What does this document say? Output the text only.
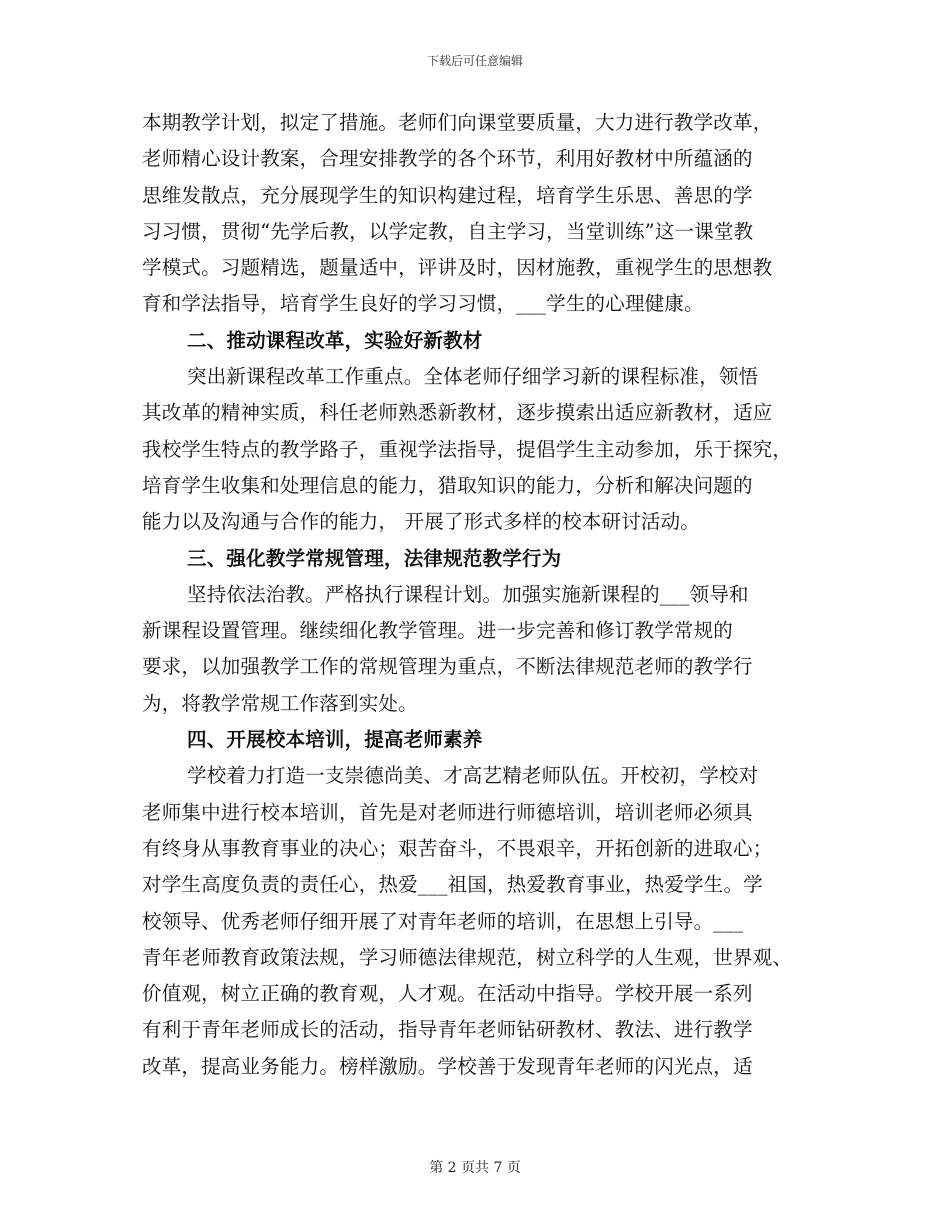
下载后可任意编辑
本期教学计划，拟定了措施。老师们向课堂要质量，大力进行教学改革，
老师精心设计教案，合理安排教学的各个环节，利用好教材中所蕴涵的
思维发散点，充分展现学生的知识构建过程，培育学生乐思、善思的学
习习惯，贯彻“先学后教，以学定教，自主学习，当堂训练”这一课堂教
学模式。习题精选，题量适中，评讲及时，因材施教，重视学生的思想教
育和学法指导，培育学生良好的学习习惯，___学生的心理健康。
二、推动课程改革，实验好新教材
突出新课程改革工作重点。全体老师仔细学习新的课程标准，领悟
其改革的精神实质，科任老师熟悉新教材，逐步摸索出适应新教材，适应
我校学生特点的教学路子，重视学法指导，提倡学生主动参加，乐于探究，
培育学生收集和处理信息的能力，猎取知识的能力，分析和解决问题的
能力以及沟通与合作的能力， 开展了形式多样的校本研讨活动。
三、强化教学常规管理，法律规范教学行为
坚持依法治教。严格执行课程计划。加强实施新课程的___领导和
新课程设置管理。继续细化教学管理。进一步完善和修订教学常规的
要求，以加强教学工作的常规管理为重点，不断法律规范老师的教学行
为，将教学常规工作落到实处。
四、开展校本培训，提高老师素养
学校着力打造一支崇德尚美、才高艺精老师队伍。开校初，学校对
老师集中进行校本培训，首先是对老师进行师德培训，培训老师必须具
有终身从事教育事业的决心；艰苦奋斗，不畏艰辛，开拓创新的进取心；
对学生高度负责的责任心，热爱___祖国，热爱教育事业，热爱学生。学
校领导、优秀老师仔细开展了对青年老师的培训，在思想上引导。___
青年老师教育政策法规，学习师德法律规范，树立科学的人生观，世界观、
价值观，树立正确的教育观，人才观。在活动中指导。学校开展一系列
有利于青年老师成长的活动，指导青年老师钻研教材、教法、进行教学
改革，提高业务能力。榜样激励。学校善于发现青年老师的闪光点，适
第 2 页共 7 页
